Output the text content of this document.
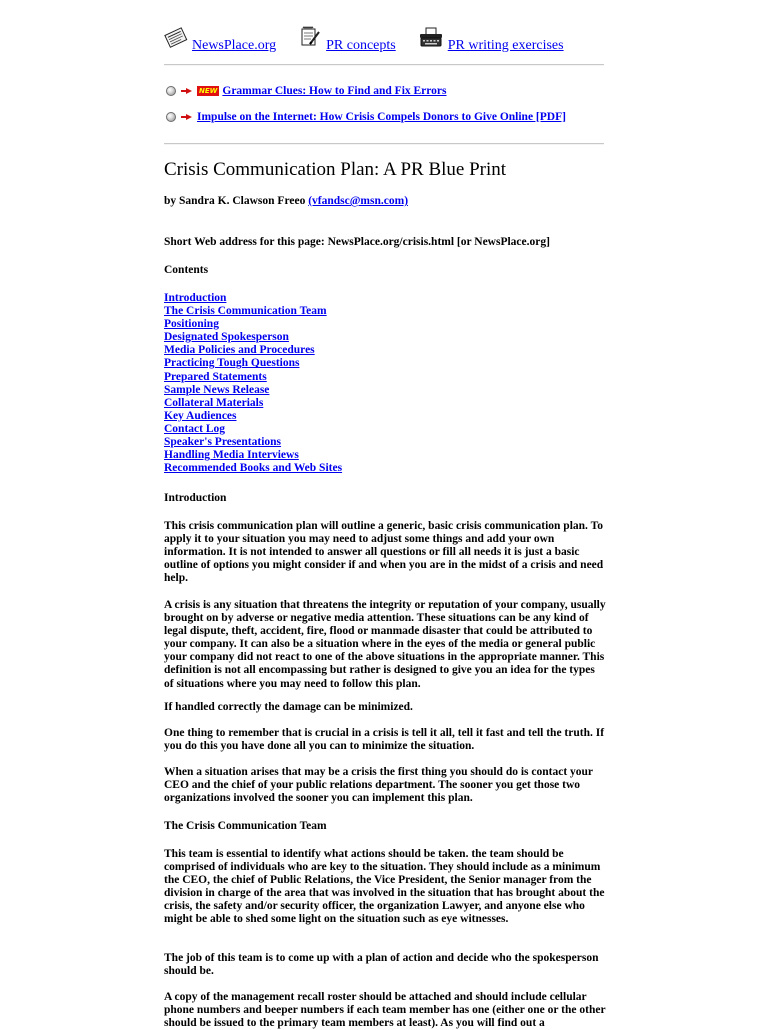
NewsPlace.org	PR concepts	PR writing exercises
NEW Grammar Clues: How to Find and Fix Errors
Impulse on the Internet: How Crisis Compels Donors to Give Online [PDF]
Crisis Communication Plan: A PR Blue Print
by Sandra K. Clawson Freeo (vfandsc@msn.com)
Short Web address for this page: NewsPlace.org/crisis.html [or NewsPlace.org]
Contents
Introduction
The Crisis Communication Team
Positioning
Designated Spokesperson
Media Policies and Procedures
Practicing Tough Questions
Prepared Statements
Sample News Release
Collateral Materials
Key Audiences
Contact Log
Speaker's Presentations
Handling Media Interviews
Recommended Books and Web Sites
Introduction

This crisis communication plan will outline a generic, basic crisis communication plan. To apply it to your situation you may need to adjust some things and add your own information. It is not intended to answer all questions or fill all needs it is just a basic outline of options you might consider if and when you are in the midst of a crisis and need help.

A crisis is any situation that threatens the integrity or reputation of your company, usually brought on by adverse or negative media attention. These situations can be any kind of legal dispute, theft, accident, fire, flood or manmade disaster that could be attributed to your company. It can also be a situation where in the eyes of the media or general public your company did not react to one of the above situations in the appropriate manner. This definition is not all encompassing but rather is designed to give you an idea for the types of situations where you may need to follow this plan.

If handled correctly the damage can be minimized.

One thing to remember that is crucial in a crisis is tell it all, tell it fast and tell the truth. If you do this you have done all you can to minimize the situation.

When a situation arises that may be a crisis the first thing you should do is contact your CEO and the chief of your public relations department. The sooner you get those two organizations involved the sooner you can implement this plan.

The Crisis Communication Team

This team is essential to identify what actions should be taken. the team should be comprised of individuals who are key to the situation. They should include as a minimum the CEO, the chief of Public Relations, the Vice President, the Senior manager from the division in charge of the area that was involved in the situation that has brought about the crisis, the safety and/or security officer, the organization Lawyer, and anyone else who might be able to shed some light on the situation such as eye witnesses.

The job of this team is to come up with a plan of action and decide who the spokesperson should be.

A copy of the management recall roster should be attached and should include cellular phone numbers and beeper numbers if each team member has one (either one or the other should be issued to the primary team members at least). As you will find out a
